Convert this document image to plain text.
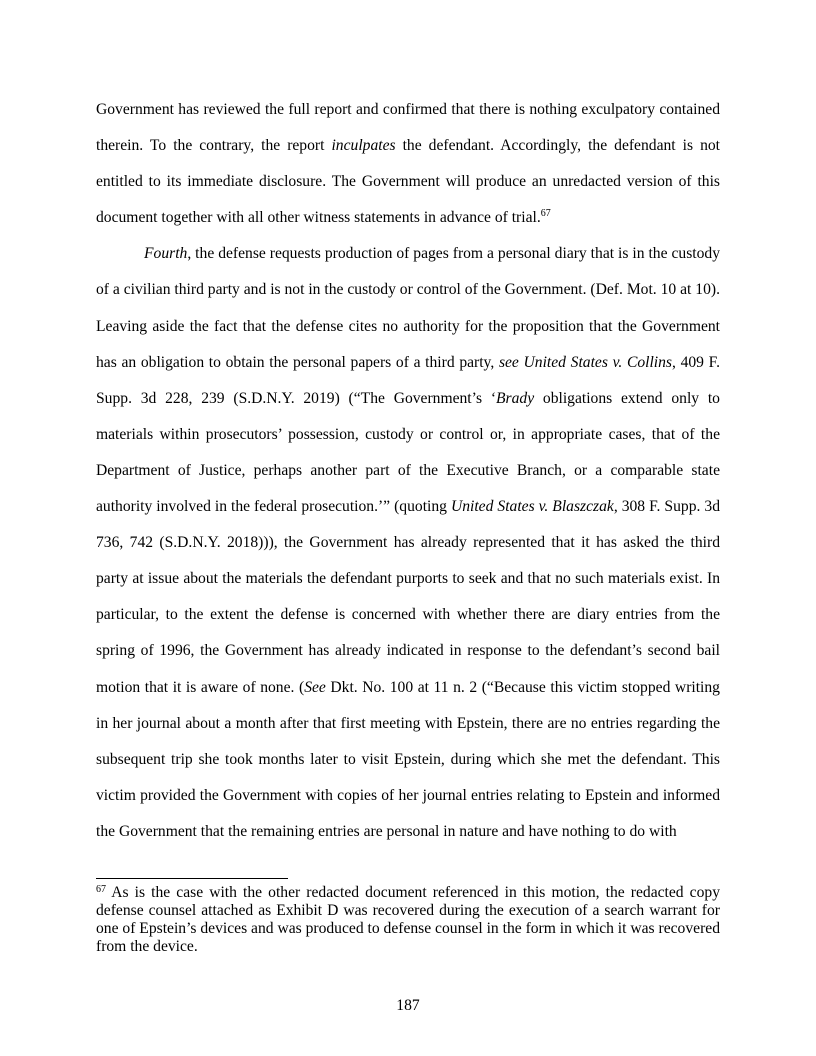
Government has reviewed the full report and confirmed that there is nothing exculpatory contained therein. To the contrary, the report inculpates the defendant. Accordingly, the defendant is not entitled to its immediate disclosure. The Government will produce an unredacted version of this document together with all other witness statements in advance of trial.$^{67}$

Fourth, the defense requests production of pages from a personal diary that is in the custody of a civilian third party and is not in the custody or control of the Government. (Def. Mot. 10 at 10). Leaving aside the fact that the defense cites no authority for the proposition that the Government has an obligation to obtain the personal papers of a third party, see United States v. Collins, 409 F. Supp. 3d 228, 239 (S.D.N.Y. 2019) (“The Government’s ‘Brady obligations extend only to materials within prosecutors’ possession, custody or control or, in appropriate cases, that of the Department of Justice, perhaps another part of the Executive Branch, or a comparable state authority involved in the federal prosecution.’” (quoting United States v. Blaszczak, 308 F. Supp. 3d 736, 742 (S.D.N.Y. 2018))), the Government has already represented that it has asked the third party at issue about the materials the defendant purports to seek and that no such materials exist. In particular, to the extent the defense is concerned with whether there are diary entries from the spring of 1996, the Government has already indicated in response to the defendant’s second bail motion that it is aware of none. (See Dkt. No. 100 at 11 n. 2 (“Because this victim stopped writing in her journal about a month after that first meeting with Epstein, there are no entries regarding the subsequent trip she took months later to visit Epstein, during which she met the defendant. This victim provided the Government with copies of her journal entries relating to Epstein and informed the Government that the remaining entries are personal in nature and have nothing to do with

$^{67}$ As is the case with the other redacted document referenced in this motion, the redacted copy defense counsel attached as Exhibit D was recovered during the execution of a search warrant for one of Epstein’s devices and was produced to defense counsel in the form in which it was recovered from the device.
187
